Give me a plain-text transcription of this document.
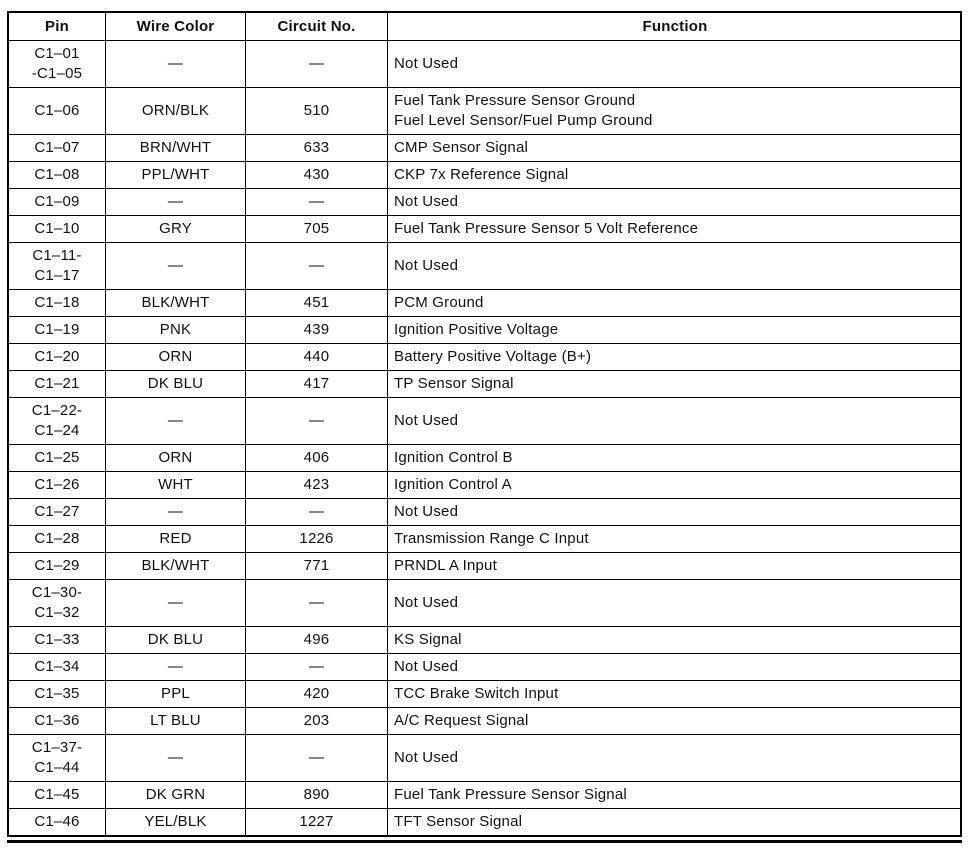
Pin	Wire Color	Circuit No.	Function

C1–01
-C1–05	—	—	Not Used

C1–06	ORN/BLK	510	Fuel Tank Pressure Sensor Ground
Fuel Level Sensor/Fuel Pump Ground

C1–07	BRN/WHT	633	CMP Sensor Signal

C1–08	PPL/WHT	430	CKP 7x Reference Signal

C1–09	—	—	Not Used

C1–10	GRY	705	Fuel Tank Pressure Sensor 5 Volt Reference

C1–11-
C1–17	—	—	Not Used

C1–18	BLK/WHT	451	PCM Ground

C1–19	PNK	439	Ignition Positive Voltage

C1–20	ORN	440	Battery Positive Voltage (B+)

C1–21	DK BLU	417	TP Sensor Signal

C1–22-
C1–24	—	—	Not Used

C1–25	ORN	406	Ignition Control B

C1–26	WHT	423	Ignition Control A

C1–27	—	—	Not Used

C1–28	RED	1226	Transmission Range C Input

C1–29	BLK/WHT	771	PRNDL A Input

C1–30-
C1–32	—	—	Not Used

C1–33	DK BLU	496	KS Signal

C1–34	—	—	Not Used

C1–35	PPL	420	TCC Brake Switch Input

C1–36	LT BLU	203	A/C Request Signal

C1–37-
C1–44	—	—	Not Used

C1–45	DK GRN	890	Fuel Tank Pressure Sensor Signal

C1–46	YEL/BLK	1227	TFT Sensor Signal
